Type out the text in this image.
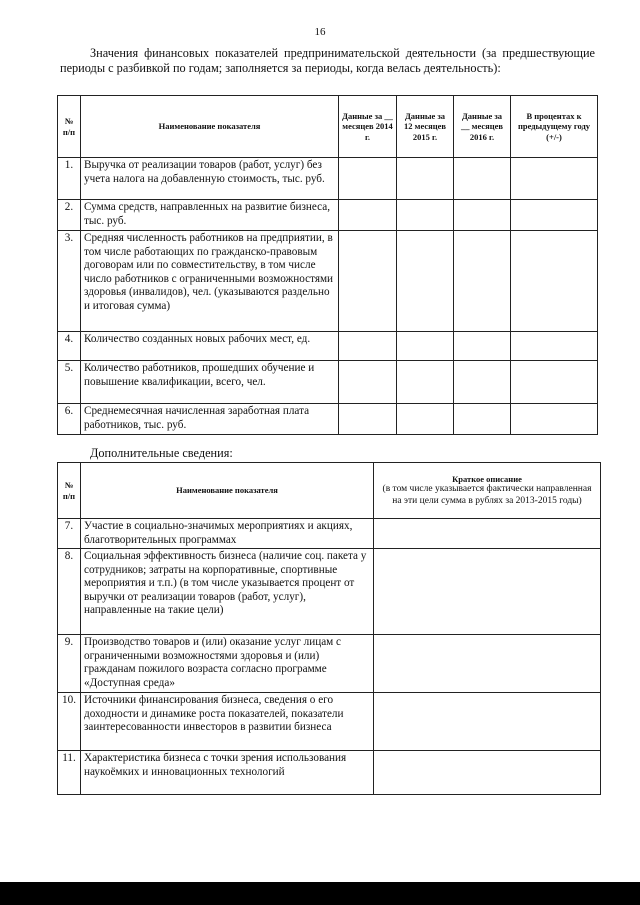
16

Значения финансовых показателей предпринимательской деятельности (за предшествующие периоды с разбивкой по годам; заполняется за периоды, когда велась деятельность):

№ п/п	Наименование показателя	Данные за __ месяцев 2014 г.	Данные за 12 месяцев 2015 г.	Данные за __ месяцев 2016 г.	В процентах к предыдущему году (+/-)
1.	Выручка от реализации товаров (работ, услуг) без учета налога на добавленную стоимость, тыс. руб.				
2.	Сумма средств, направленных на развитие бизнеса, тыс. руб.				
3.	Средняя численность работников на предприятии, в том числе работающих по гражданско-правовым договорам или по совместительству, в том числе число работников с ограниченными возможностями здоровья (инвалидов), чел. (указываются раздельно и итоговая сумма)				
4.	Количество созданных новых рабочих мест, ед.				
5.	Количество работников, прошедших обучение и повышение квалификации, всего, чел.				
6.	Среднемесячная начисленная заработная плата работников, тыс. руб.				

Дополнительные сведения:

№ п/п	Наименование показателя	Краткое описание
(в том числе указывается фактически направленная на эти цели сумма в рублях за 2013-2015 годы)

7.	Участие в социально-значимых мероприятиях и акциях, благотворительных программах	
8.	Социальная эффективность бизнеса (наличие соц. пакета у сотрудников; затраты на корпоративные, спортивные мероприятия и т.п.) (в том числе указывается процент от выручки от реализации товаров (работ, услуг), направленные на такие цели)	
9.	Производство товаров и (или) оказание услуг лицам с ограниченными возможностями здоровья и (или) гражданам пожилого возраста согласно программе «Доступная среда»	
10.	Источники финансирования бизнеса, сведения о его доходности и динамике роста показателей, показатели заинтересованности инвесторов в развитии бизнеса	
11.	Характеристика бизнеса с точки зрения использования наукоёмких и инновационных технологий	
